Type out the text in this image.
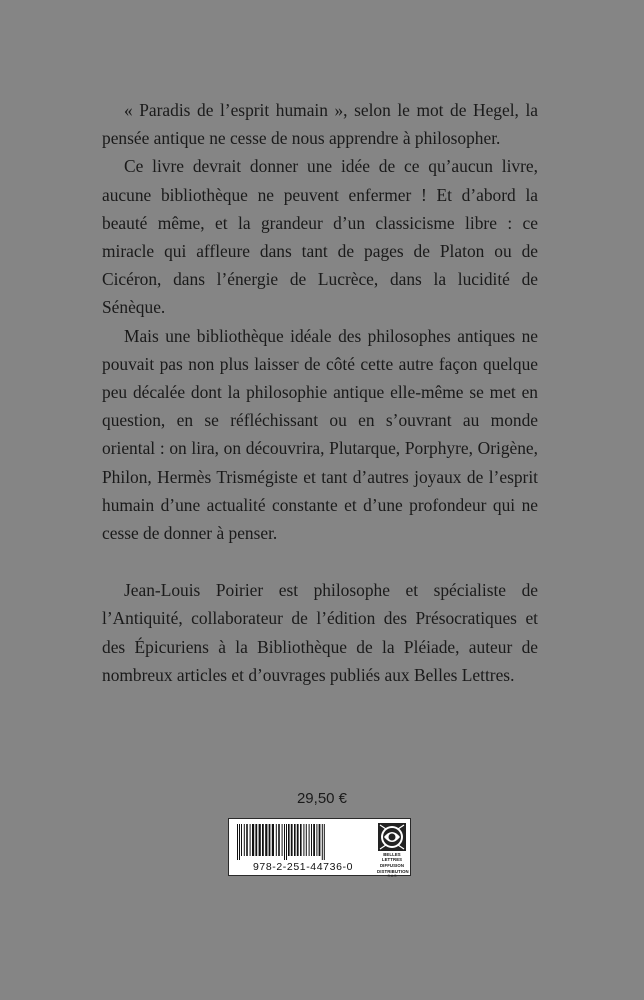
« Paradis de l’esprit humain », selon le mot de Hegel, la pensée antique ne cesse de nous apprendre à philosopher.

Ce livre devrait donner une idée de ce qu’aucun livre, aucune bibliothèque ne peuvent enfermer ! Et d’abord la beauté même, et la grandeur d’un classicisme libre : ce miracle qui affleure dans tant de pages de Platon ou de Cicéron, dans l’énergie de Lucrèce, dans la lucidité de Sénèque.

Mais une bibliothèque idéale des philosophes antiques ne pouvait pas non plus laisser de côté cette autre façon quelque peu décalée dont la philosophie antique elle-même se met en question, en se réfléchissant ou en s’ouvrant au monde oriental : on lira, on découvrira, Plutarque, Porphyre, Origène, Philon, Hermès Trismégiste et tant d’autres joyaux de l’esprit humain d’une actualité constante et d’une profondeur qui ne cesse de donner à penser.

Jean-Louis Poirier est philosophe et spécialiste de l’Antiquité, collaborateur de l’édition des Présocratiques et des Épicuriens à la Bibliothèque de la Pléiade, auteur de nombreux articles et d’ouvrages publiés aux Belles Lettres.

29,50 €
978-2-251-44736-0
BELLES LETTRES
DIFFUSION
DISTRIBUTION
S.A.S
